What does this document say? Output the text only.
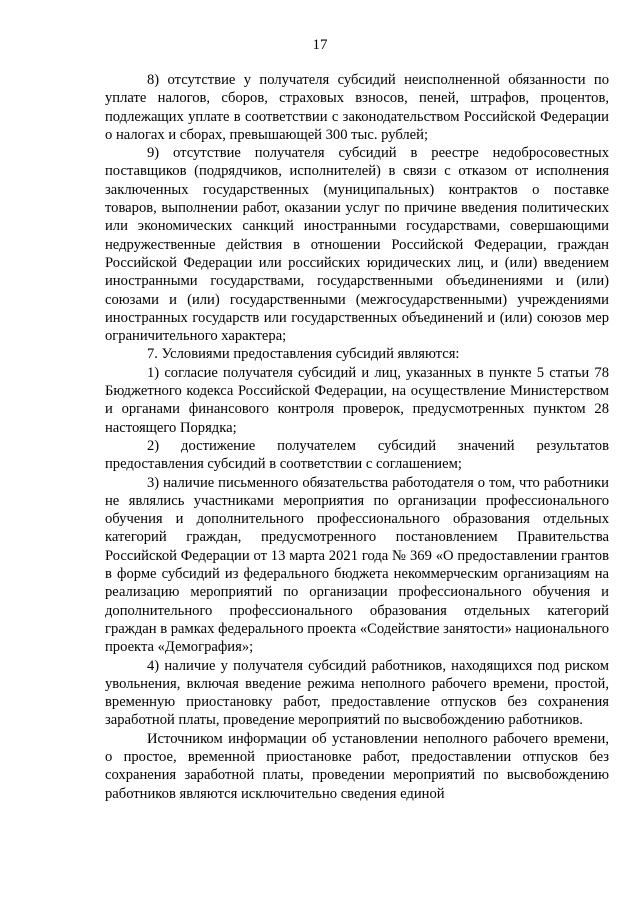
17

8) отсутствие у получателя субсидий неисполненной обязанности по уплате налогов, сборов, страховых взносов, пеней, штрафов, процентов, подлежащих уплате в соответствии с законодательством Российской Федерации о налогах и сборах, превышающей 300 тыс. рублей;

9) отсутствие получателя субсидий в реестре недобросовестных поставщиков (подрядчиков, исполнителей) в связи с отказом от исполнения заключенных государственных (муниципальных) контрактов о поставке товаров, выполнении работ, оказании услуг по причине введения политических или экономических санкций иностранными государствами, совершающими недружественные действия в отношении Российской Федерации, граждан Российской Федерации или российских юридических лиц, и (или) введением иностранными государствами, государственными объединениями и (или) союзами и (или) государственными (межгосударственными) учреждениями иностранных государств или государственных объединений и (или) союзов мер ограничительного характера;

7. Условиями предоставления субсидий являются:

1) согласие получателя субсидий и лиц, указанных в пункте 5 статьи 78 Бюджетного кодекса Российской Федерации, на осуществление Министерством и органами финансового контроля проверок, предусмотренных пунктом 28 настоящего Порядка;

2) достижение получателем субсидий значений результатов предоставления субсидий в соответствии с соглашением;

3) наличие письменного обязательства работодателя о том, что работники не являлись участниками мероприятия по организации профессионального обучения и дополнительного профессионального образования отдельных категорий граждан, предусмотренного постановлением Правительства Российской Федерации от 13 марта 2021 года № 369 «О предоставлении грантов в форме субсидий из федерального бюджета некоммерческим организациям на реализацию мероприятий по организации профессионального обучения и дополнительного профессионального образования отдельных категорий граждан в рамках федерального проекта «Содействие занятости» национального проекта «Демография»;

4) наличие у получателя субсидий работников, находящихся под риском увольнения, включая введение режима неполного рабочего времени, простой, временную приостановку работ, предоставление отпусков без сохранения заработной платы, проведение мероприятий по высвобождению работников.

Источником информации об установлении неполного рабочего времени, о простое, временной приостановке работ, предоставлении отпусков без сохранения заработной платы, проведении мероприятий по высвобождению работников являются исключительно сведения единой
